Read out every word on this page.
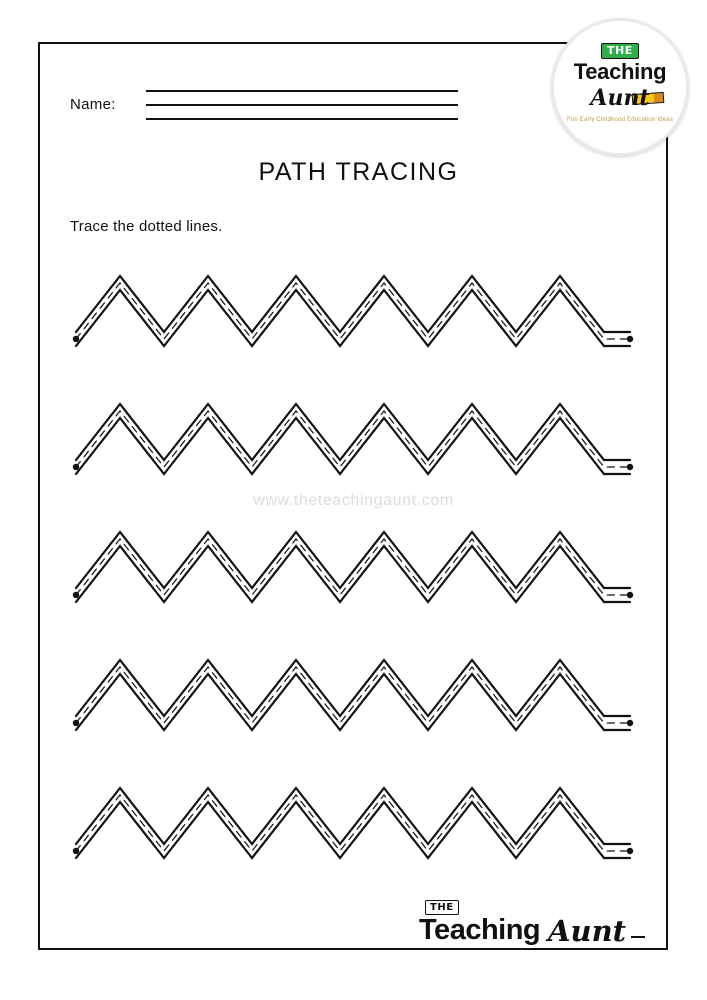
Name:
PATH TRACING
Trace the dotted lines.
www.theteachingaunt.com
THE
Teaching
Aunt
Fun Early Childhood Education Ideas
THE
Teaching Aunt
